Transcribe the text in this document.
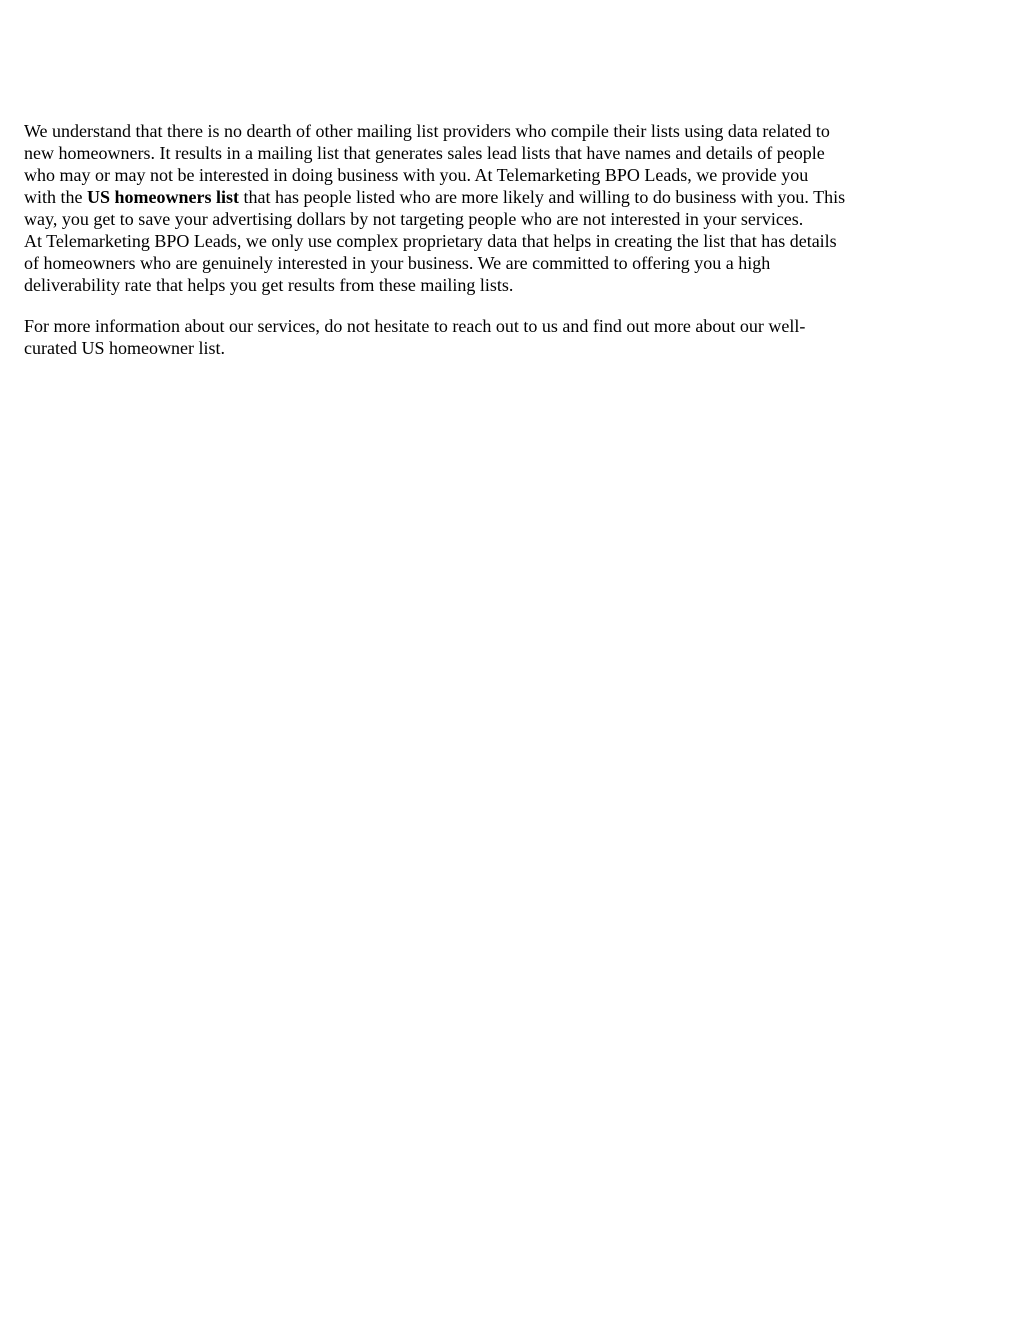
We understand that there is no dearth of other mailing list providers who compile their lists using data related to
new homeowners. It results in a mailing list that generates sales lead lists that have names and details of people
who may or may not be interested in doing business with you. At Telemarketing BPO Leads, we provide you
with the US homeowners list that has people listed who are more likely and willing to do business with you. This
way, you get to save your advertising dollars by not targeting people who are not interested in your services.

At Telemarketing BPO Leads, we only use complex proprietary data that helps in creating the list that has details
of homeowners who are genuinely interested in your business. We are committed to offering you a high
deliverability rate that helps you get results from these mailing lists.

For more information about our services, do not hesitate to reach out to us and find out more about our well-
curated US homeowner list.
